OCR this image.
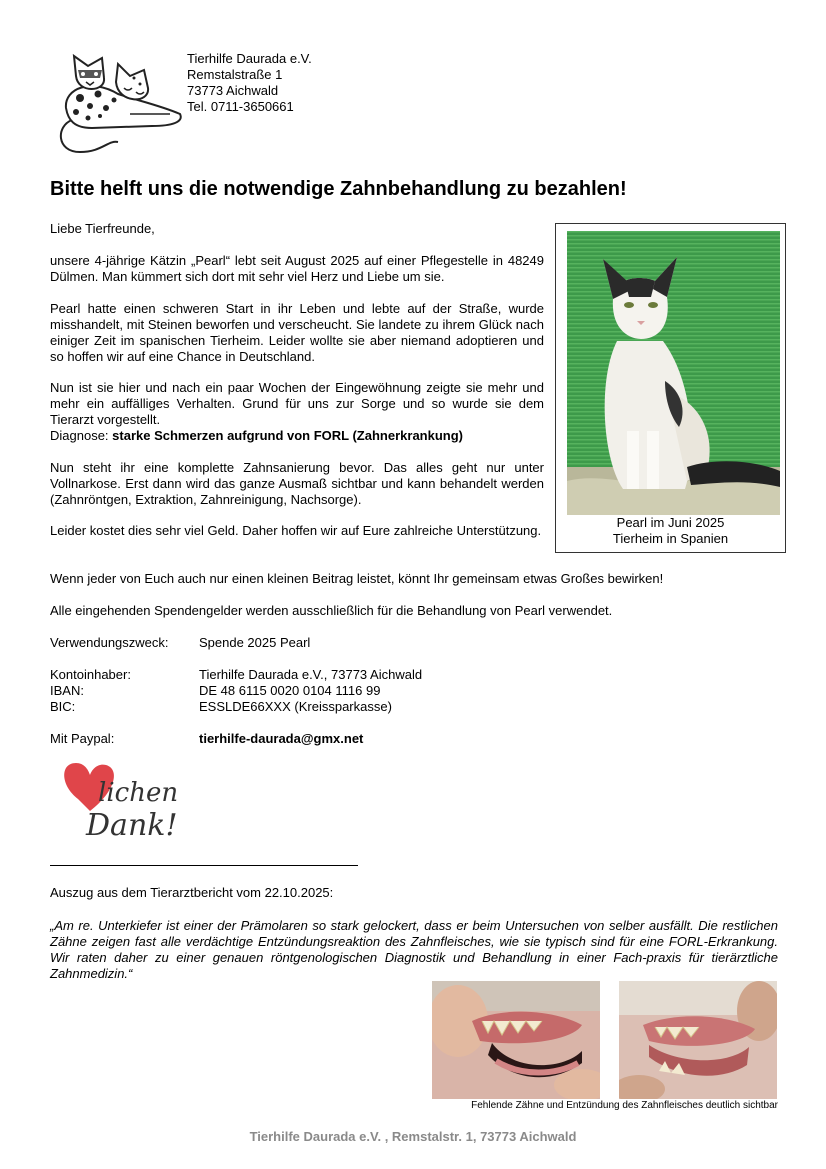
Tierhilfe Daurada e.V.
Remstalstraße 1
73773 Aichwald
Tel. 0711-3650661
Bitte helft uns die notwendige Zahnbehandlung zu bezahlen!
Liebe Tierfreunde,
unsere 4-jährige Kätzin „Pearl“ lebt seit August 2025 auf einer Pflegestelle in 48249 Dülmen. Man kümmert sich dort mit sehr viel Herz und Liebe um sie.
Pearl hatte einen schweren Start in ihr Leben und lebte auf der Straße, wurde misshandelt, mit Steinen beworfen und verscheucht. Sie landete zu ihrem Glück nach einiger Zeit im spanischen Tierheim. Leider wollte sie aber niemand adoptieren und so hoffen wir auf eine Chance in Deutschland.

Nun ist sie hier und nach ein paar Wochen der Eingewöhnung zeigte sie mehr und mehr ein auffälliges Verhalten. Grund für uns zur Sorge und so wurde sie dem Tierarzt vorgestellt.

Diagnose: starke Schmerzen aufgrund von FORL (Zahnerkrankung)

Nun steht ihr eine komplette Zahnsanierung bevor. Das alles geht nur unter Vollnarkose. Erst dann wird das ganze Ausmaß sichtbar und kann behandelt werden (Zahnröntgen, Extraktion, Zahnreinigung, Nachsorge).
Leider kostet dies sehr viel Geld. Daher hoffen wir auf Eure zahlreiche Unterstützung.
Pearl im Juni 2025
Tierheim in Spanien
Wenn jeder von Euch auch nur einen kleinen Beitrag leistet, könnt Ihr gemeinsam etwas Großes bewirken!
Alle eingehenden Spendengelder werden ausschließlich für die Behandlung von Pearl verwendet.
Verwendungszweck:	Spende 2025 Pearl
Kontoinhaber:	Tierhilfe Daurada e.V., 73773 Aichwald
IBAN:	DE 48 6115 0020 0104 1116 99
BIC:	ESSLDE66XXX (Kreissparkasse)
Mit Paypal:	tierhilfe-daurada@gmx.net
lichen
Dank!
Auszug aus dem Tierarztbericht vom 22.10.2025:
„Am re. Unterkiefer ist einer der Prämolaren so stark gelockert, dass er beim Untersuchen von selber ausfällt. Die restlichen Zähne zeigen fast alle verdächtige Entzündungsreaktion des Zahnfleisches, wie sie typisch sind für eine FORL-Erkrankung. Wir raten daher zu einer genauen röntgenologischen Diagnostik und Behandlung in einer Fach-praxis für tierärztliche Zahnmedizin.“
Fehlende Zähne und Entzündung des Zahnfleisches deutlich sichtbar
Tierhilfe Daurada e.V. , Remstalstr. 1, 73773 Aichwald
